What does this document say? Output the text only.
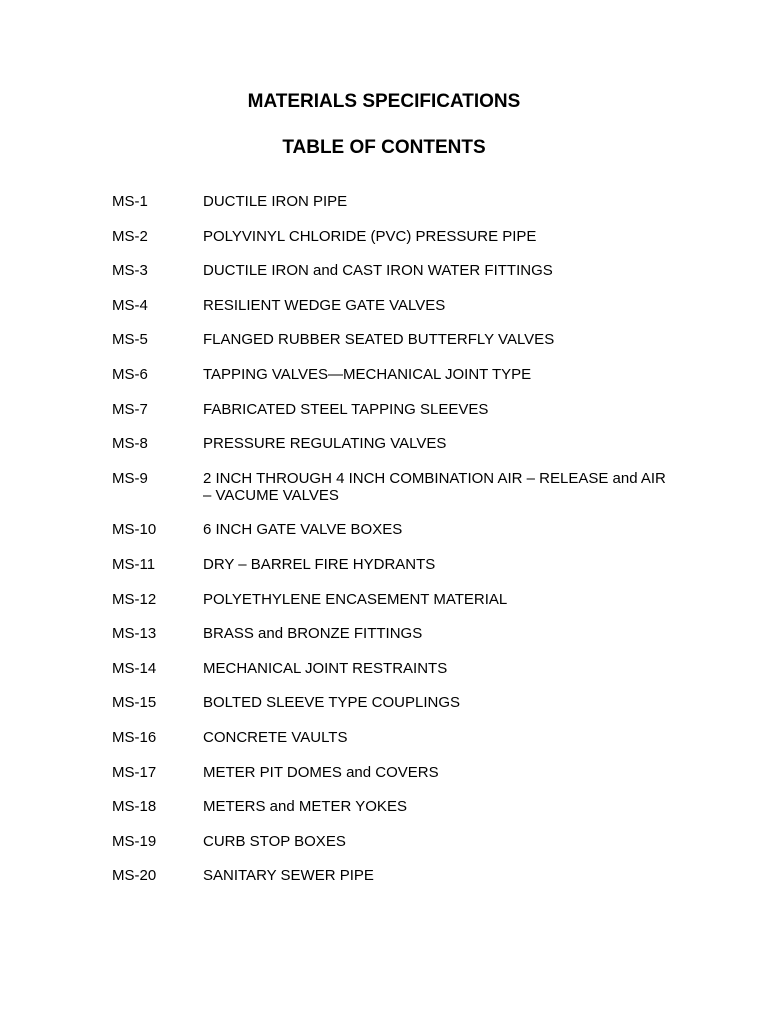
MATERIALS SPECIFICATIONS
TABLE OF CONTENTS
MS-1	DUCTILE IRON PIPE
MS-2	POLYVINYL CHLORIDE (PVC) PRESSURE PIPE
MS-3	DUCTILE IRON and CAST IRON WATER FITTINGS
MS-4	RESILIENT WEDGE GATE VALVES
MS-5	FLANGED RUBBER SEATED BUTTERFLY VALVES
MS-6	TAPPING VALVES—MECHANICAL JOINT TYPE
MS-7	FABRICATED STEEL TAPPING SLEEVES
MS-8	PRESSURE REGULATING VALVES
MS-9	2 INCH THROUGH 4 INCH COMBINATION AIR – RELEASE and AIR – VACUME VALVES
MS-10	6 INCH GATE VALVE BOXES
MS-11	DRY – BARREL FIRE HYDRANTS
MS-12	POLYETHYLENE ENCASEMENT MATERIAL
MS-13	BRASS and BRONZE FITTINGS
MS-14	MECHANICAL JOINT RESTRAINTS
MS-15	BOLTED SLEEVE TYPE COUPLINGS
MS-16	CONCRETE VAULTS
MS-17	METER PIT DOMES and COVERS
MS-18	METERS and METER YOKES
MS-19	CURB STOP BOXES
MS-20	SANITARY SEWER PIPE
